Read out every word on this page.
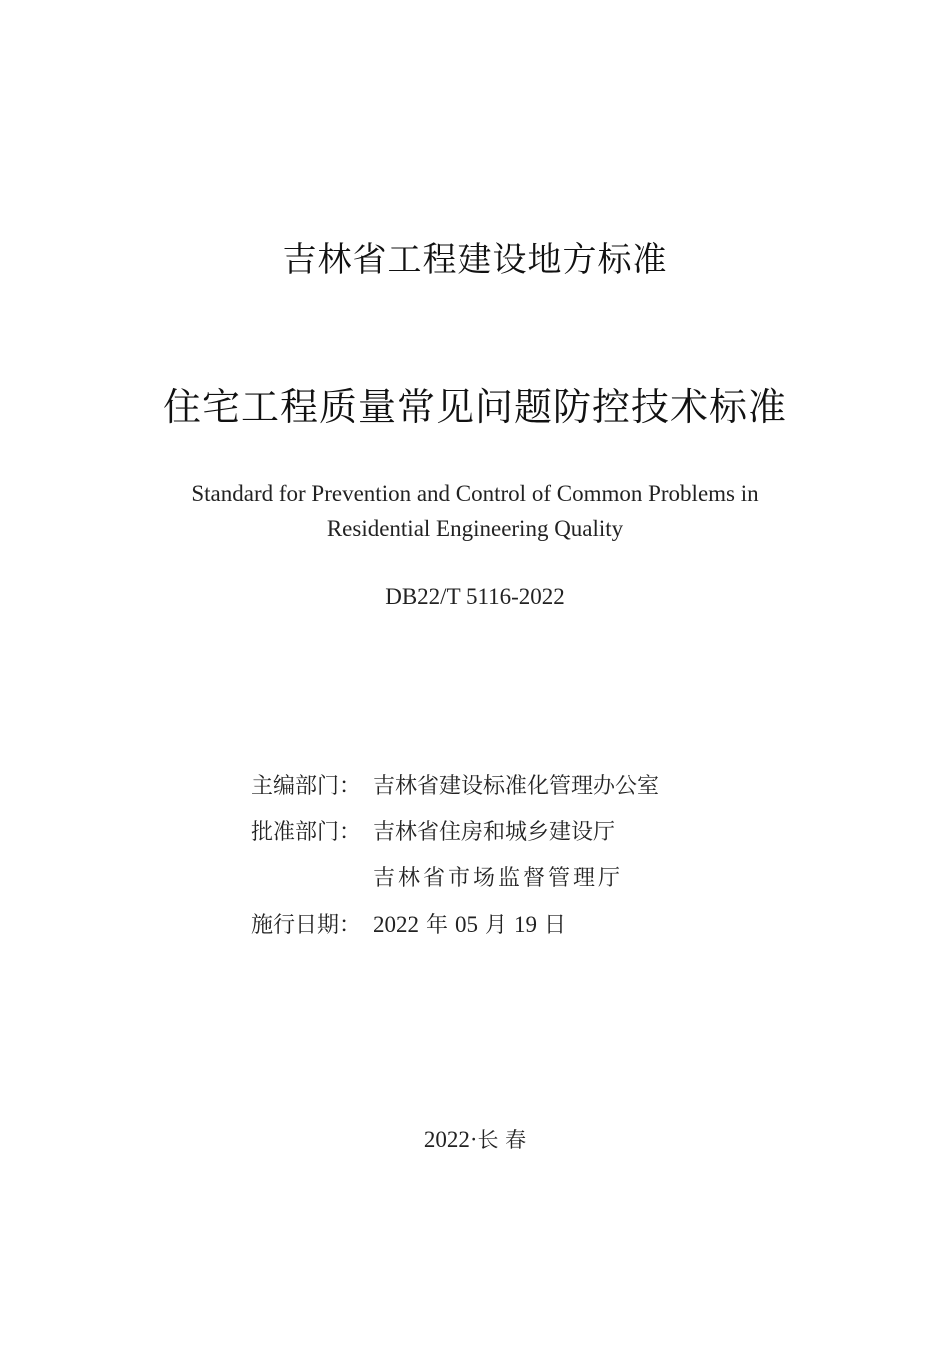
吉林省工程建设地方标准
住宅工程质量常见问题防控技术标准
Standard for Prevention and Control of Common Problems in
Residential Engineering Quality
DB22/T 5116-2022
主编部门： 吉林省建设标准化管理办公室
批准部门： 吉林省住房和城乡建设厅
吉林省市场监督管理厅
施行日期： 2022 年 05 月 19 日
2022·长 春
